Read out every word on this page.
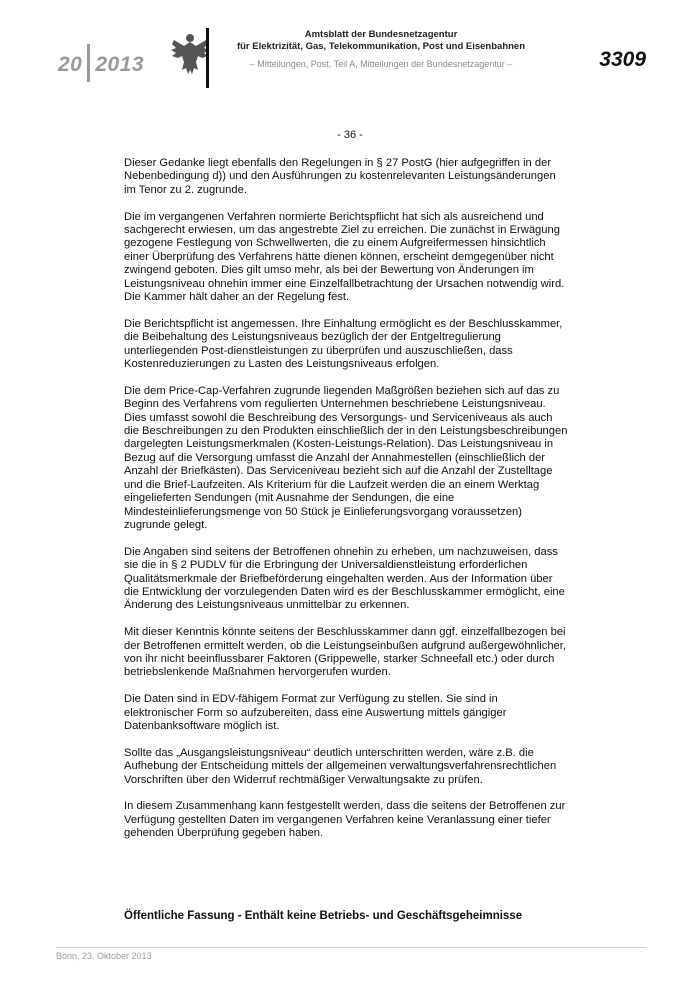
20 2013
Amtsblatt der Bundesnetzagentur
für Elektrizität, Gas, Telekommunikation, Post und Eisenbahnen
– Mitteilungen, Post, Teil A, Mitteilungen der Bundesnetzagentur –	3309
- 36 -

Dieser Gedanke liegt ebenfalls den Regelungen in § 27 PostG (hier aufgegriffen in der Nebenbedingung d)) und den Ausführungen zu kostenrelevanten Leistungsänderungen im Tenor zu 2. zugrunde.

Die im vergangenen Verfahren normierte Berichtspflicht hat sich als ausreichend und sachgerecht erwiesen, um das angestrebte Ziel zu erreichen. Die zunächst in Erwägung gezogene Festlegung von Schwellwerten, die zu einem Aufgreifermessen hinsichtlich einer Überprüfung des Verfahrens hätte dienen können, erscheint demgegenüber nicht zwingend geboten. Dies gilt umso mehr, als bei der Bewertung von Änderungen im Leistungsniveau ohnehin immer eine Einzelfallbetrachtung der Ursachen notwendig wird. Die Kammer hält daher an der Regelung fest.

Die Berichtspflicht ist angemessen. Ihre Einhaltung ermöglicht es der Beschlusskammer, die Beibehaltung des Leistungsniveaus bezüglich der der Entgeltregulierung unterliegenden Post-dienstleistungen zu überprüfen und auszuschließen, dass Kostenreduzierungen zu Lasten des Leistungsniveaus erfolgen.

Die dem Price-Cap-Verfahren zugrunde liegenden Maßgrößen beziehen sich auf das zu Beginn des Verfahrens vom regulierten Unternehmen beschriebene Leistungsniveau. Dies umfasst sowohl die Beschreibung des Versorgungs- und Serviceniveaus als auch die Beschreibungen zu den Produkten einschließlich der in den Leistungsbeschreibungen dargelegten Leistungsmerkmalen (Kosten-Leistungs-Relation). Das Leistungsniveau in Bezug auf die Versorgung umfasst die Anzahl der Annahmestellen (einschließlich der Anzahl der Briefkästen). Das Serviceniveau bezieht sich auf die Anzahl der Zustelltage und die Brief-Laufzeiten. Als Kriterium für die Laufzeit werden die an einem Werktag eingelieferten Sendungen (mit Ausnahme der Sendungen, die eine Mindesteinlieferungsmenge von 50 Stück je Einlieferungsvorgang voraussetzen) zugrunde gelegt.

Die Angaben sind seitens der Betroffenen ohnehin zu erheben, um nachzuweisen, dass sie die in § 2 PUDLV für die Erbringung der Universaldienstleistung erforderlichen Qualitätsmerkmale der Briefbeförderung eingehalten werden. Aus der Information über die Entwicklung der vorzulegenden Daten wird es der Beschlusskammer ermöglicht, eine Änderung des Leistungsniveaus unmittelbar zu erkennen.

Mit dieser Kenntnis könnte seitens der Beschlusskammer dann ggf. einzelfallbezogen bei der Betroffenen ermittelt werden, ob die Leistungseinbußen aufgrund außergewöhnlicher, von ihr nicht beeinflussbarer Faktoren (Grippewelle, starker Schneefall etc.) oder durch betriebslenkende Maßnahmen hervorgerufen wurden.

Die Daten sind in EDV-fähigem Format zur Verfügung zu stellen. Sie sind in elektronischer Form so aufzubereiten, dass eine Auswertung mittels gängiger Datenbanksoftware möglich ist.

Sollte das „Ausgangsleistungsniveau“ deutlich unterschritten werden, wäre z.B. die Aufhebung der Entscheidung mittels der allgemeinen verwaltungsverfahrensrechtlichen Vorschriften über den Widerruf rechtmäßiger Verwaltungsakte zu prüfen.

In diesem Zusammenhang kann festgestellt werden, dass die seitens der Betroffenen zur Verfügung gestellten Daten im vergangenen Verfahren keine Veranlassung einer tiefer gehenden Überprüfung gegeben haben.

Öffentliche Fassung - Enthält keine Betriebs- und Geschäftsgeheimnisse
Bonn, 23. Oktober 2013
